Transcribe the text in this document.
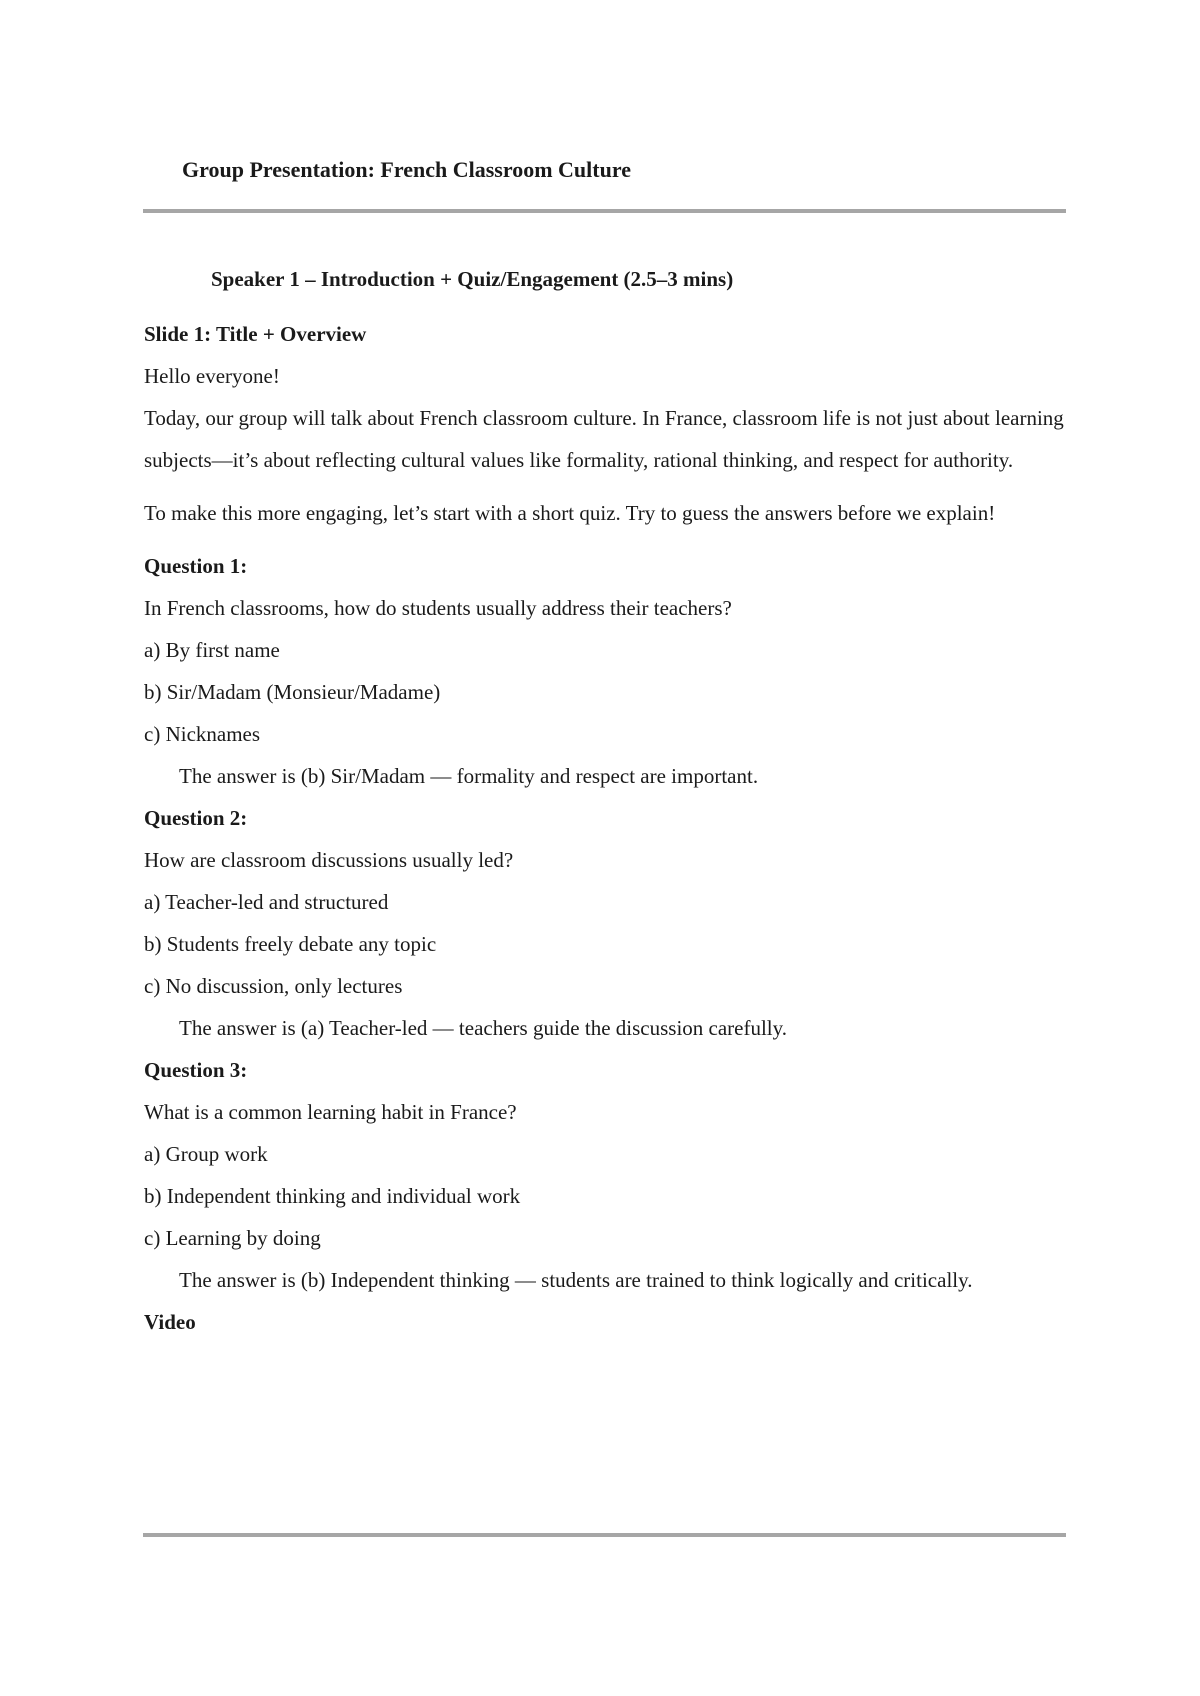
Group Presentation: French Classroom Culture

Speaker 1 – Introduction + Quiz/Engagement (2.5–3 mins)

Slide 1: Title + Overview

Hello everyone!

Today, our group will talk about French classroom culture. In France, classroom life is not just about learning subjects—it’s about reflecting cultural values like formality, rational thinking, and respect for authority.

To make this more engaging, let’s start with a short quiz. Try to guess the answers before we explain!

Question 1:

In French classrooms, how do students usually address their teachers?

a) By first name

b) Sir/Madam (Monsieur/Madame)

c) Nicknames

The answer is (b) Sir/Madam — formality and respect are important.

Question 2:

How are classroom discussions usually led?

a) Teacher-led and structured

b) Students freely debate any topic

c) No discussion, only lectures

The answer is (a) Teacher-led — teachers guide the discussion carefully.

Question 3:

What is a common learning habit in France?

a) Group work

b) Independent thinking and individual work

c) Learning by doing

The answer is (b) Independent thinking — students are trained to think logically and critically.

Video
